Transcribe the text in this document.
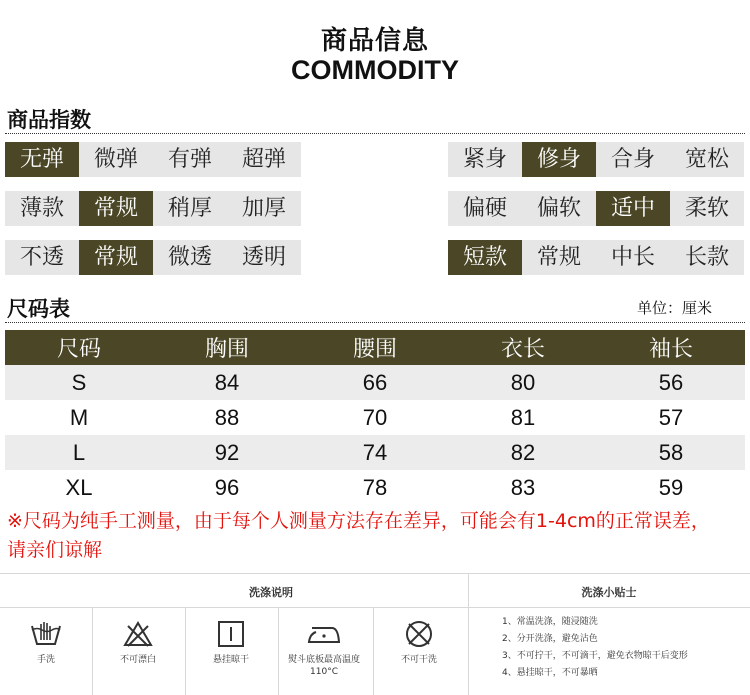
商品信息
COMMODITY
商品指数
无弹	微弹	有弹	超弹	紧身	修身	合身	宽松
薄款	常规	稍厚	加厚	偏硬	偏软	适中	柔软
不透	常规	微透	透明	短款	常规	中长	长款
尺码表	单位：厘米
尺码	胸围	腰围	衣长	袖长
S	84	66	80	56
M	88	70	81	57
L	92	74	82	58
XL	96	78	83	59
※尺码为纯手工测量，由于每个人测量方法存在差异，可能会有1-4cm的正常误差，请亲们谅解
洗涤说明	洗涤小贴士
手洗	不可漂白	悬挂晾干	熨斗底板最高温度110°C
不可干洗
1、常温洗涤，随浸随洗
2、分开洗涤，避免沾色
3、不可拧干，不可滴干，避免衣物晾干后变形
4、悬挂晾干，不可暴晒
